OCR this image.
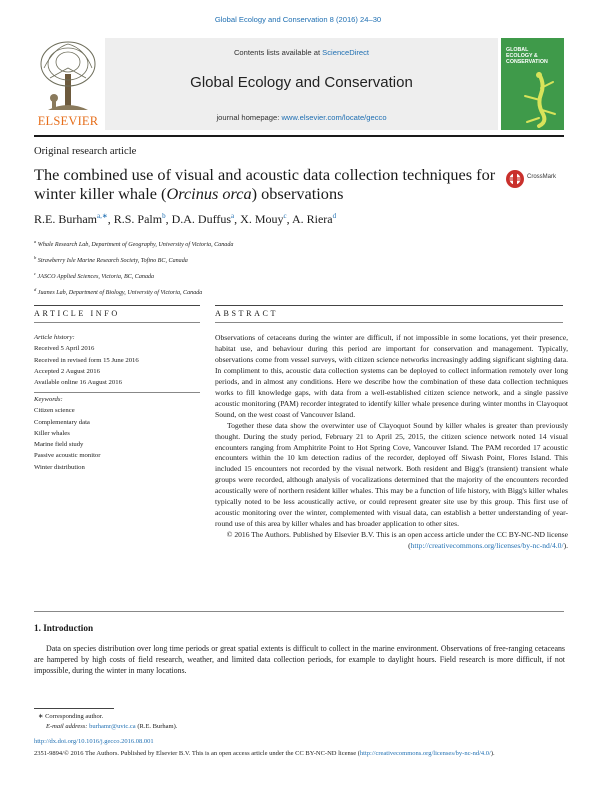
Global Ecology and Conservation 8 (2016) 24–30
ELSEVIER
Contents lists available at ScienceDirect
Global Ecology and Conservation
journal homepage: www.elsevier.com/locate/gecco
GLOBAL ECOLOGY & CONSERVATION
Original research article
The combined use of visual and acoustic data collection techniques for winter killer whale (Orcinus orca) observations
CrossMark
R.E. Burham$^{a,∗}$, R.S. Palm$^b$, D.A. Duffus$^a$, X. Mouy$^c$, A. Riera$^d$
$^a$ Whale Research Lab, Department of Geography, University of Victoria, Canada
$^b$ Strawberry Isle Marine Research Society, Tofino BC, Canada
$^c$ JASCO Applied Sciences, Victoria, BC, Canada
$^d$ Juanes Lab, Department of Biology, University of Victoria, Canada
ARTICLE INFO	ABSTRACT
Article history:
Received 5 April 2016
Received in revised form 15 June 2016
Accepted 2 August 2016
Available online 16 August 2016
Keywords:
Citizen science
Complementary data
Killer whales
Marine field study
Passive acoustic monitor
Winter distribution

Observations of cetaceans during the winter are difficult, if not impossible in some locations, yet their presence, habitat use, and behaviour during this period are important for conservation and management. Typically, observations come from vessel surveys, with citizen science networks increasingly adding significant sighting data. In compliment to this, acoustic data collection systems can be deployed to collect information remotely over long periods, and in almost any conditions. Here we describe how the combination of these data collection techniques works to fill knowledge gaps, with data from a well-established citizen science network, and a single passive acoustic monitoring (PAM) recorder integrated to identify killer whale presence during winter months in Clayoquot Sound, on the west coast of Vancouver Island.

Together these data show the overwinter use of Clayoquot Sound by killer whales is greater than previously thought. During the study period, February 21 to April 25, 2015, the citizen science network noted 14 visual encounters ranging from Amphitrite Point to Hot Spring Cove, Vancouver Island. The PAM recorded 17 acoustic encounters within the 10 km detection radius of the recorder, deployed off Siwash Point, Flores Island. This included 15 encounters not recorded by the visual network. Both resident and Bigg's (transient) transient whale groups were recorded, although analysis of vocalizations determined that the majority of the encounters recorded acoustically were of northern resident killer whales. This may be a function of life history, with Bigg's killer whales typically noted to be less acoustically active, or could represent greater site use by this group. This first use of acoustic monitoring over the winter, complemented with visual data, can establish a better understanding of year-round use of this area by killer whales and has broader application to other sites.

© 2016 The Authors. Published by Elsevier B.V. This is an open access article under the CC BY-NC-ND license (http://creativecommons.org/licenses/by-nc-nd/4.0/).

1. Introduction

Data on species distribution over long time periods or great spatial extents is difficult to collect in the marine environment. Observations of free-ranging cetaceans are hampered by high costs of field research, weather, and limited data collection periods, for example to daylight hours. Field research is more difficult, if not impossible, during the winter in many locations.

∗ Corresponding author.
E-mail address: burhamr@uvic.ca (R.E. Burham).
http://dx.doi.org/10.1016/j.gecco.2016.08.001
2351-9894/© 2016 The Authors. Published by Elsevier B.V. This is an open access article under the CC BY-NC-ND license (http://creativecommons.org/licenses/by-nc-nd/4.0/).
